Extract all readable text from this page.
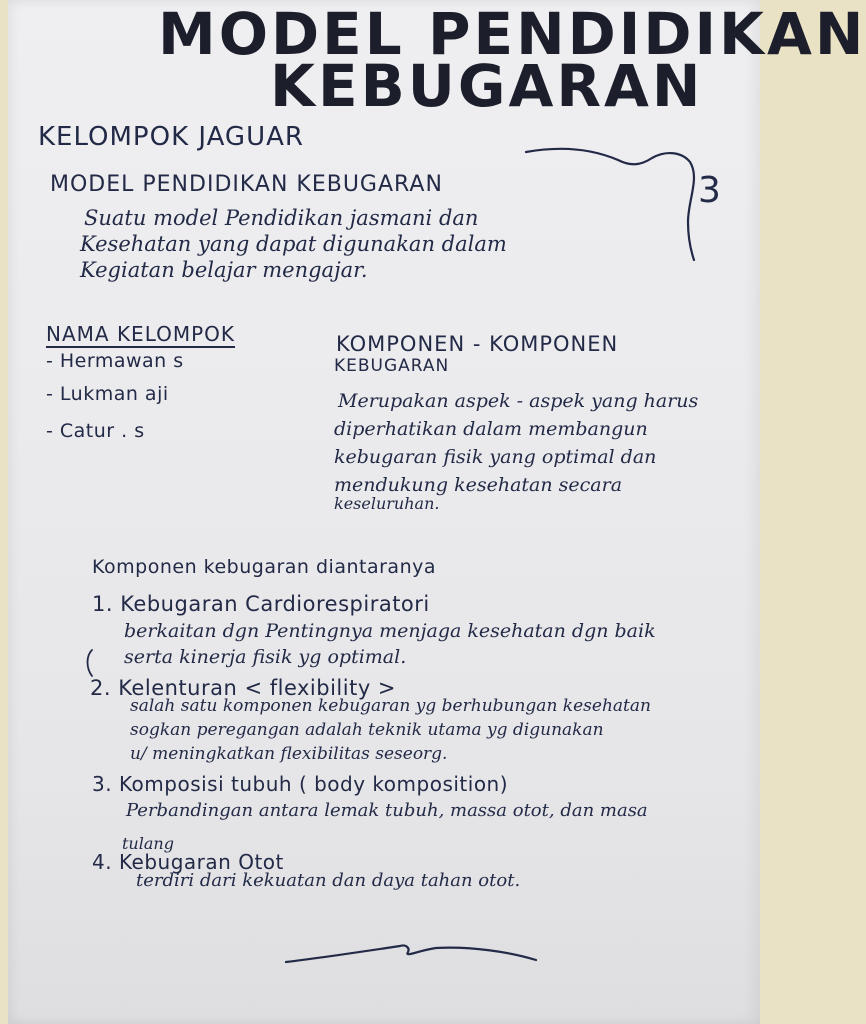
MODEL PENDIDIKAN
KEBUGARAN
KELOMPOK JAGUAR
3
MODEL PENDIDIKAN KEBUGARAN
Suatu model Pendidikan jasmani dan
Kesehatan yang dapat digunakan dalam
Kegiatan belajar mengajar.
NAMA KELOMPOK
- Hermawan s
- Lukman aji
- Catur . s
KOMPONEN - KOMPONEN
KEBUGARAN
Merupakan aspek - aspek yang harus
diperhatikan dalam membangun
kebugaran fisik yang optimal dan
mendukung kesehatan secara
keseluruhan.
Komponen kebugaran diantaranya
1. Kebugaran Cardiorespiratori
berkaitan dgn Pentingnya menjaga kesehatan dgn baik
serta kinerja fisik yg optimal.
2. Kelenturan < flexibility >
salah satu komponen kebugaran yg berhubungan kesehatan
sogkan peregangan adalah teknik utama yg digunakan
u/ meningkatkan flexibilitas seseorg.
3. Komposisi tubuh ( body komposition)
Perbandingan antara lemak tubuh, massa otot, dan masa
tulang
4. Kebugaran Otot
terdiri dari kekuatan dan daya tahan otot.
